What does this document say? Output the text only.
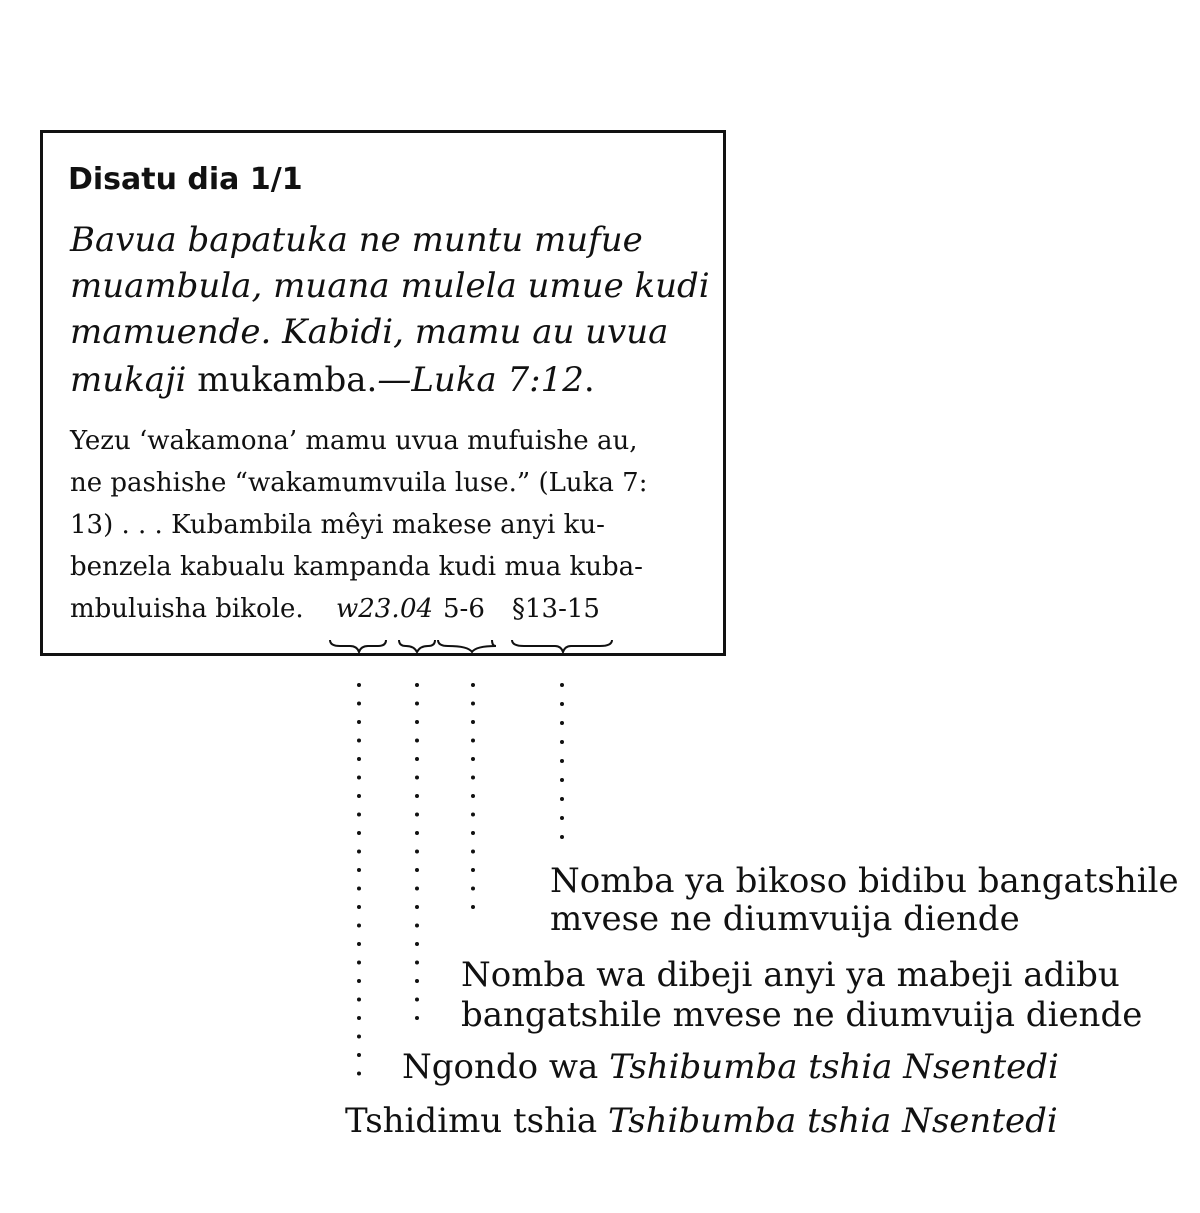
Disatu dia 1/1
Bavua bapatuka ne muntu mufue
muambula, muana mulela umue kudi
mamuende. Kabidi, mamu au uvua
mukaji mukamba.—Luka 7:12.
Yezu ‘wakamona’ mamu uvua mufuishe au,
ne pashishe “wakamumvuila luse.” (Luka 7:
13) . . . Kubambila mêyi makese anyi ku-
benzela kabualu kampanda kudi mua kuba-
mbuluisha bikole. w23. 04 5-6 §13-15
Nomba ya bikoso bidibu bangatshile
mvese ne diumvuija diende
Nomba wa dibeji anyi ya mabeji adibu
bangatshile mvese ne diumvuija diende
Ngondo wa Tshibumba tshia Nsentedi
Tshidimu tshia Tshibumba tshia Nsentedi
